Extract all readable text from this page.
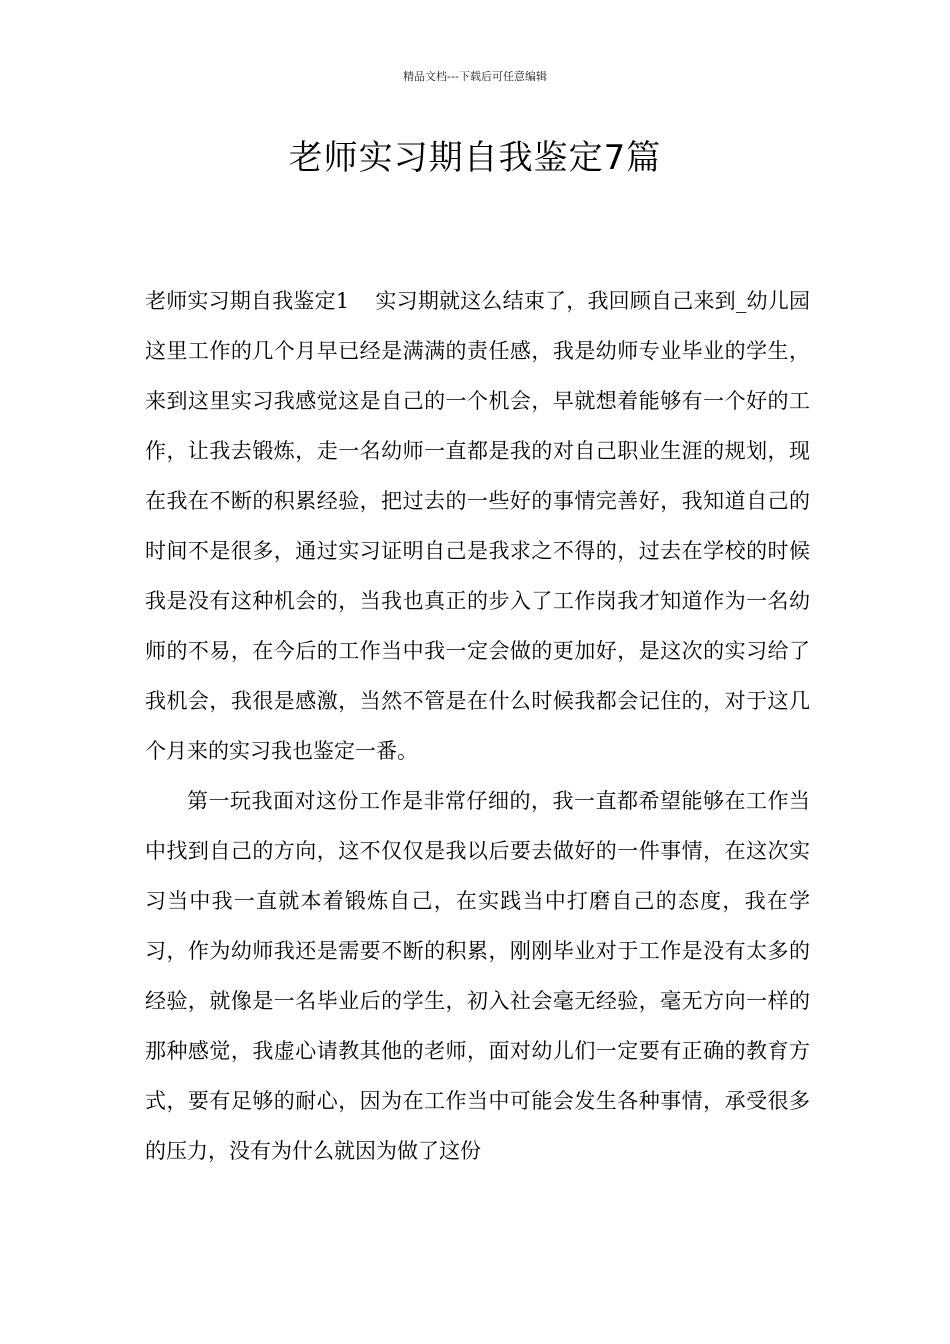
精品文档---下载后可任意编辑
老师实习期自我鉴定7篇

老师实习期自我鉴定1 实习期就这么结束了，我回顾自己来到_幼儿园这里工作的几个月早已经是满满的责任感，我是幼师专业毕业的学生，来到这里实习我感觉这是自己的一个机会，早就想着能够有一个好的工作，让我去锻炼，走一名幼师一直都是我的对自己职业生涯的规划，现在我在不断的积累经验，把过去的一些好的事情完善好，我知道自己的时间不是很多，通过实习证明自己是我求之不得的，过去在学校的时候我是没有这种机会的，当我也真正的步入了工作岗我才知道作为一名幼师的不易，在今后的工作当中我一定会做的更加好，是这次的实习给了我机会，我很是感激，当然不管是在什么时候我都会记住的，对于这几个月来的实习我也鉴定一番。

第一玩我面对这份工作是非常仔细的，我一直都希望能够在工作当中找到自己的方向，这不仅仅是我以后要去做好的一件事情，在这次实习当中我一直就本着锻炼自己，在实践当中打磨自己的态度，我在学习，作为幼师我还是需要不断的积累，刚刚毕业对于工作是没有太多的经验，就像是一名毕业后的学生，初入社会毫无经验，毫无方向一样的那种感觉，我虚心请教其他的老师，面对幼儿们一定要有正确的教育方式，要有足够的耐心，因为在工作当中可能会发生各种事情，承受很多的压力，没有为什么就因为做了这份
